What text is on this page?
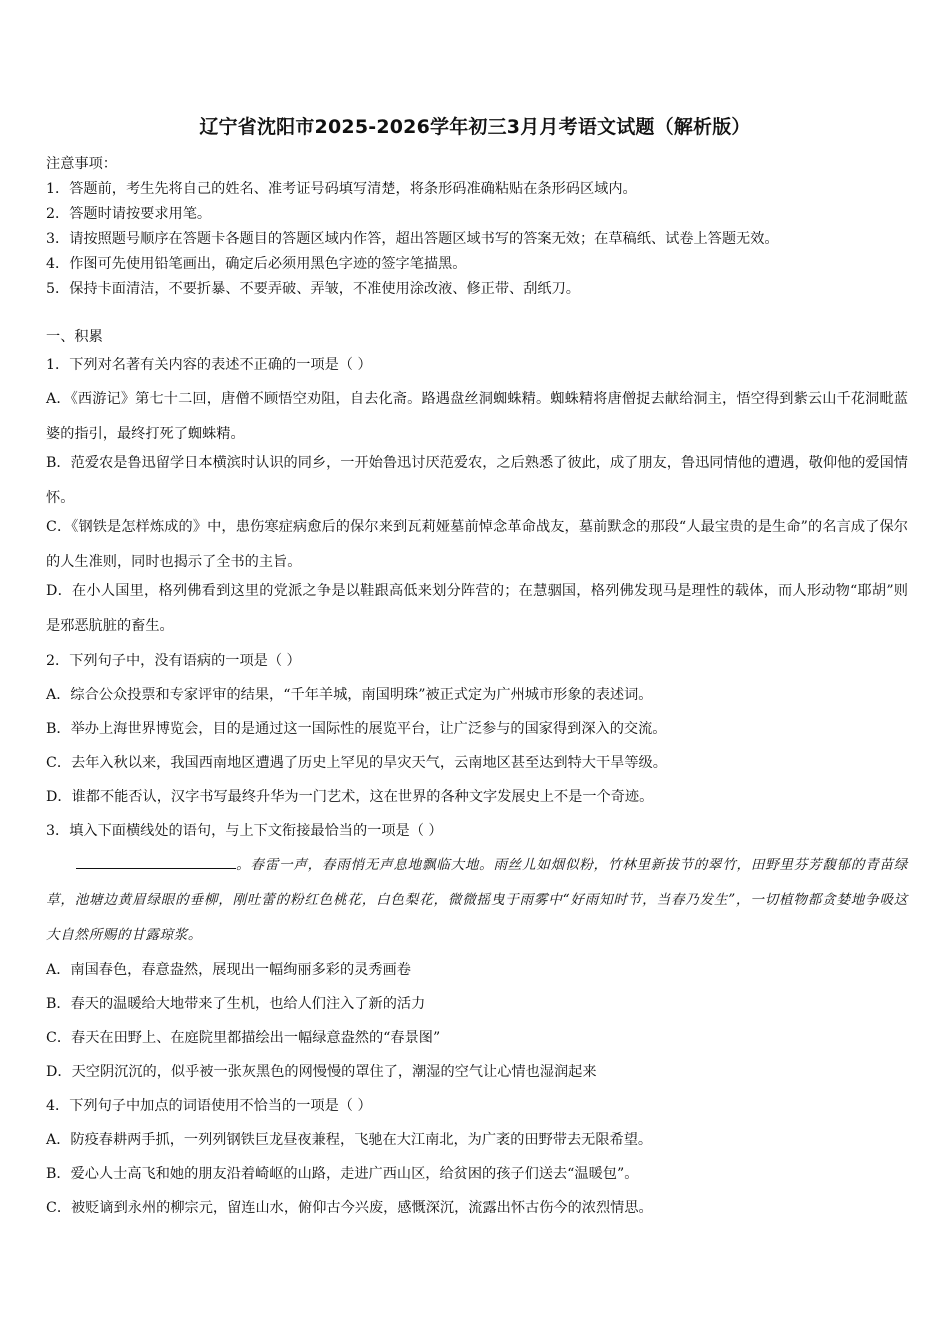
辽宁省沈阳市2025-2026学年初三3月月考语文试题（解析版）
注意事项：
1．答题前，考生先将自己的姓名、准考证号码填写清楚，将条形码准确粘贴在条形码区域内。
2．答题时请按要求用笔。
3．请按照题号顺序在答题卡各题目的答题区域内作答，超出答题区域书写的答案无效；在草稿纸、试卷上答题无效。
4．作图可先使用铅笔画出，确定后必须用黑色字迹的签字笔描黑。
5．保持卡面清洁，不要折暴、不要弄破、弄皱，不准使用涂改液、修正带、刮纸刀。
一、积累
1．下列对名著有关内容的表述不正确的一项是（ ）
A．《西游记》第七十二回，唐僧不顾悟空劝阻，自去化斋。路遇盘丝洞蜘蛛精。蜘蛛精将唐僧捉去献给洞主，悟空得到紫云山千花洞毗蓝婆的指引，最终打死了蜘蛛精。
B．范爱农是鲁迅留学日本横滨时认识的同乡，一开始鲁迅讨厌范爱农，之后熟悉了彼此，成了朋友，鲁迅同情他的遭遇，敬仰他的爱国情怀。
C．《钢铁是怎样炼成的》中，患伤寒症病愈后的保尔来到瓦莉娅墓前悼念革命战友，墓前默念的那段“人最宝贵的是生命”的名言成了保尔的人生准则，同时也揭示了全书的主旨。
D．在小人国里，格列佛看到这里的党派之争是以鞋跟高低来划分阵营的；在慧骃国，格列佛发现马是理性的载体，而人形动物“耶胡”则是邪恶肮脏的畜生。
2．下列句子中，没有语病的一项是（ ）
A．综合公众投票和专家评审的结果，“千年羊城，南国明珠”被正式定为广州城市形象的表述词。
B．举办上海世界博览会，目的是通过这一国际性的展览平台，让广泛参与的国家得到深入的交流。
C．去年入秋以来，我国西南地区遭遇了历史上罕见的旱灾天气，云南地区甚至达到特大干旱等级。
D．谁都不能否认，汉字书写最终升华为一门艺术，这在世界的各种文字发展史上不是一个奇迹。
3．填入下面横线处的语句，与上下文衔接最恰当的一项是（ ）
。春雷一声，春雨悄无声息地飘临大地。雨丝儿如烟似粉，竹林里新拔节的翠竹，田野里芬芳馥郁的青苗绿草，池塘边黄眉绿眼的垂柳，刚吐蕾的粉红色桃花，白色梨花，微微摇曳于雨雾中“好雨知时节，当春乃发生”，一切植物都贪婪地争吸这大自然所赐的甘露琼浆。
A．南国春色，春意盎然，展现出一幅绚丽多彩的灵秀画卷
B．春天的温暖给大地带来了生机，也给人们注入了新的活力
C．春天在田野上、在庭院里都描绘出一幅绿意盎然的“春景图”
D．天空阴沉沉的，似乎被一张灰黑色的网慢慢的罩住了，潮湿的空气让心情也湿润起来
4．下列句子中加点的词语使用不恰当的一项是（ ）
A．防疫春耕两手抓，一列列钢铁巨龙昼夜兼程，飞驰在大江南北，为广袤的田野带去无限希望。
B．爱心人士高飞和她的朋友沿着崎岖的山路，走进广西山区，给贫困的孩子们送去“温暖包”。
C．被贬谪到永州的柳宗元，留连山水，俯仰古今兴废，感慨深沉，流露出怀古伤今的浓烈情思。
